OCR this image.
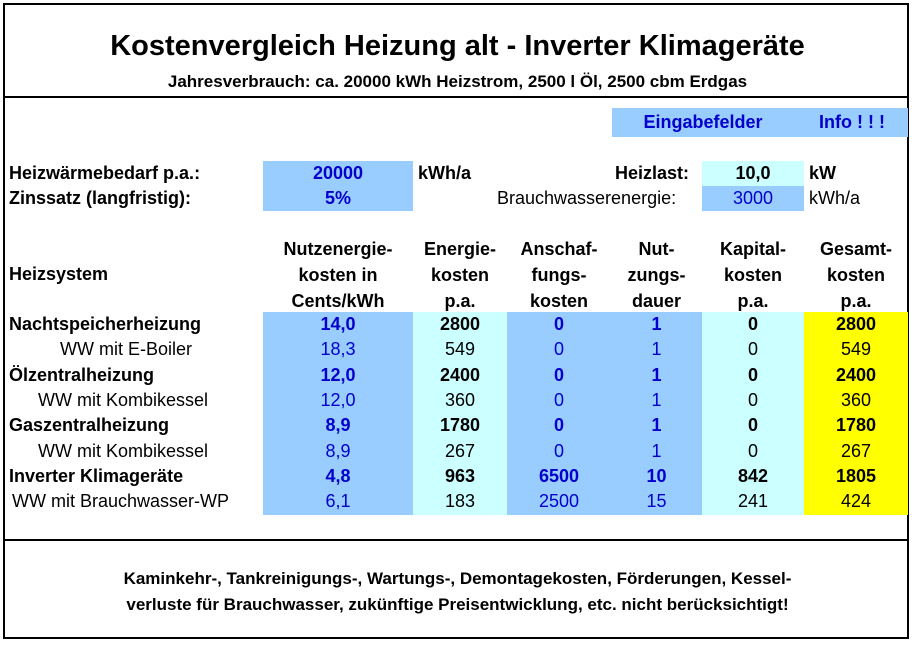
Kostenvergleich Heizung alt - Inverter Klimageräte
Jahresverbrauch: ca. 20000 kWh Heizstrom, 2500 l Öl, 2500 cbm Erdgas
Eingabefelder	Info ! ! !
Heizwärmebedarf p.a.:	20000	kWh/a
Zinssatz (langfristig):	5%
Heizlast:	10,0	kW
Brauchwasserenergie:	3000	kWh/a
Heizsystem
Nutzenergie-
kosten in
Cents/kWh
Energie-
kosten
p.a.
Anschaf-
fungs-
kosten
Nut-
zungs-
dauer
Kapital-
kosten
p.a.
Gesamt-
kosten
p.a.
Nachtspeicherheizung	14,0	2800	0	1	0	2800
WW mit E-Boiler	18,3	549	0	1	0	549
Ölzentralheizung	12,0	2400	0	1	0	2400
WW mit Kombikessel	12,0	360	0	1	0	360
Gaszentralheizung	8,9	1780	0	1	0	1780
WW mit Kombikessel	8,9	267	0	1	0	267
Inverter Klimageräte	4,8	963	6500	10	842	1805
WW mit Brauchwasser-WP	6,1	183	2500	15	241	424
Kaminkehr-, Tankreinigungs-, Wartungs-, Demontagekosten, Förderungen, Kessel-
verluste für Brauchwasser, zukünftige Preisentwicklung, etc. nicht berücksichtigt!
